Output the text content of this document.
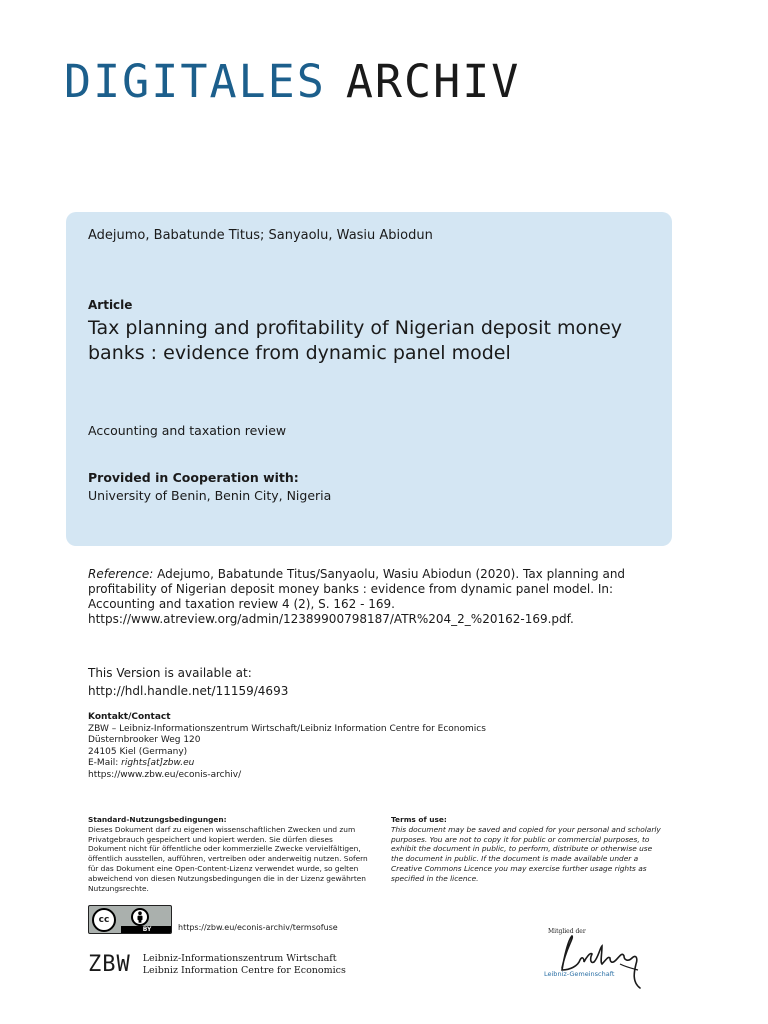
DIGITALES ARCHIV
Adejumo, Babatunde Titus; Sanyaolu, Wasiu Abiodun
Article
Tax planning and profitability of Nigerian deposit money banks : evidence from dynamic panel model
Accounting and taxation review
Provided in Cooperation with:
University of Benin, Benin City, Nigeria
Reference: Adejumo, Babatunde Titus/Sanyaolu, Wasiu Abiodun (2020). Tax planning and profitability of Nigerian deposit money banks : evidence from dynamic panel model. In: Accounting and taxation review 4 (2), S. 162 - 169. https://www.atreview.org/admin/12389900798187/ATR%204_2_%20162-169.pdf.
This Version is available at:
http://hdl.handle.net/11159/4693
Kontakt/Contact
ZBW – Leibniz-Informationszentrum Wirtschaft/Leibniz Information Centre for Economics
Düsternbrooker Weg 120
24105 Kiel (Germany)
E-Mail: rights[at]zbw.eu
https://www.zbw.eu/econis-archiv/
Standard-Nutzungsbedingungen:
Dieses Dokument darf zu eigenen wissenschaftlichen Zwecken und zum Privatgebrauch gespeichert und kopiert werden. Sie dürfen dieses Dokument nicht für öffentliche oder kommerzielle Zwecke vervielfältigen, öffentlich ausstellen, aufführen, vertreiben oder anderweitig nutzen. Sofern für das Dokument eine Open-Content-Lizenz verwendet wurde, so gelten abweichend von diesen Nutzungsbedingungen die in der Lizenz gewährten Nutzungsrechte.
Terms of use:
This document may be saved and copied for your personal and scholarly purposes. You are not to copy it for public or commercial purposes, to exhibit the document in public, to perform, distribute or otherwise use the document in public. If the document is made available under a Creative Commons Licence you may exercise further usage rights as specified in the licence.
cc
BY	https://zbw.eu/econis-archiv/termsofuse
ZBW Leibniz-Informationszentrum Wirtschaft
Leibniz Information Centre for Economics
Mitglied der
Leibniz-Gemeinschaft
